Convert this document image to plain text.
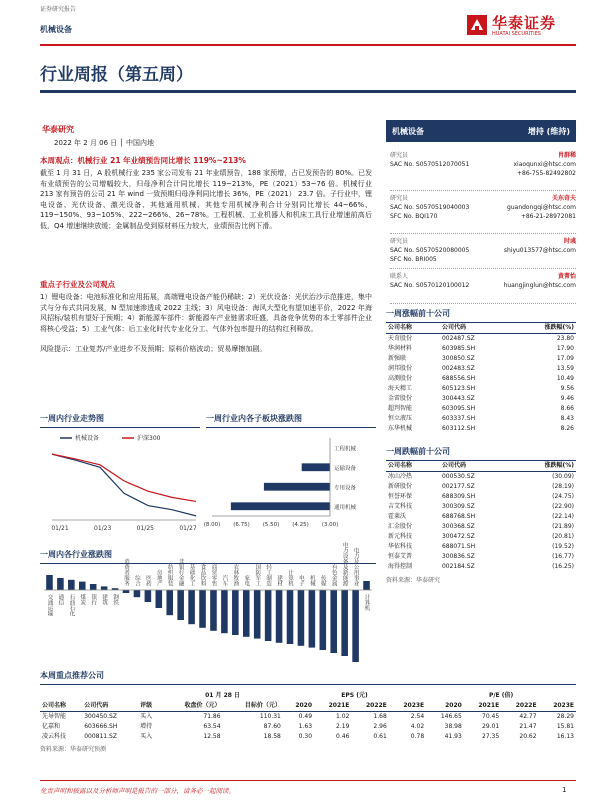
证券研究报告
机械设备	华泰证券
HUATAI SECURITIES
行业周报（第五周）
华泰研究
2022 年 2 月 06 日 │ 中国内地
本周观点：机械行业 21 年业绩预告同比增长 119%~213%
截至 1 月 31 日，A 股机械行业 235 家公司发布 21 年业绩预告，188 家预增，占已发预告的 80%。已发布业绩预告的公司增幅较大，归母净利合计同比增长 119~213%，PE（2021）53~76 倍。机械行业 213 家有预告的公司 21 年 wind 一致预期归母净利同比增长 36%，PE（2021） 23.7 倍。子行业中，锂电设备、光伏设备、激光设备、其他通用机械、其他专用机械净利合计分别同比增长 44~66%、119~150%、93~105%、222~266%、26~78%。工程机械、工业机器人和机床工具行业增速前高后低，Q4 增速继续放缓；金属制品受到原材料压力较大，业绩预告比例下滑。
重点子行业及公司观点
1）锂电设备：电池标准化和应用拓展，高端锂电设备产能仍稀缺；2）光伏设备：光伏治沙示范推进，集中式与分布式共同发展，N 型加速渗透成 2022 主线；3）风电设备：海风大型化有望加速平价，2022 年海风招标/装机有望好于预期；4）新能源车部件：新能源车产业链需求旺盛，具备竞争优势的本土零部件企业将核心受益；5）工业气体：后工业化时代专业化分工、气体外包率提升的结构红利释放。
风险提示：工业复苏/产业进步不及预期；原料价格波动；贸易摩擦加剧。
机械设备	增持 (维持)
研究员	肖群稀
SAC No. S0570512070051	xiaoqunxi@htsc.com
+86-755-82492802
研究员	关东奇夫
SAC No. S0570519040003
SFC No. BQI170
guandongqi@htsc.com
+86-21-28972081
研究员	时彧
SAC No. S0570520080005
SFC No. BRI005
shiyu013577@htsc.com
联系人	黄菁怡
SAC No. S0570120100012	huangjinglun@htsc.com
一周涨幅前十公司
公司名称	公司代码	涨跌幅(%)
天奇股份	002487.SZ	23.80
华润材料	603985.SH	17.90
新强联	300850.SZ	17.09
润邦股份	002483.SZ	13.59
高测股份	688556.SH	10.49
海天精工	605123.SH	9.56
金雷股份	300443.SZ	9.46
超判智能	603095.SH	8.66
恒立液压	603337.SH	8.43
东华机械	603112.SH	8.26
一周跌幅前十公司
公司名称	公司代码	涨跌幅(%)
冰山冷热	000530.SZ	(30.09)
新研股份	002177.SZ	(28.19)
恒誉环保	688309.SH	(24.75)
吉艾科技	300309.SZ	(22.90)
霍莱沃	688768.SH	(22.14)
汇金股份	300368.SZ	(21.89)
新元科技	300472.SZ	(20.81)
华依科技	688071.SH	(19.52)
恒泰艾普	300836.SZ	(16.77)
海得控制	002184.SZ	(16.25)
资料来源：华泰研究
一周内行业走势图
01/21	01/23	01/25	01/27
机械设备	沪深300
一周行业内各子板块涨跌图
工程机械
运输设备
专用设备
通用机械
(8.00) (6.75) (5.50) (4.25) (3.00)
一周内各行业涨跌图
交通运输 通信 石油石化 煤炭 银行 建筑 钢铁
消费者服务 综合 医药 房地产 纺织服装 非银行金融 基础化工 食品饮料 商贸零售 汽车 农林牧渔 家电 国防军工 轻工制造 建材 计算机 电子 机械 传媒 有色金属 电力设备及新能源 电力及公用事业
计算机
本周重点推荐公司
			01 月 28 日		EPS (元)				P/E (倍)			
公司名称	公司代码	评级	收盘价（元）	目标价（元）	2020	2021E	2022E	2023E	2020	2021E	2022E	2023E
先导智能	300450.SZ	买入	71.86	110.31	0.49	1.02	1.68	2.54	146.65	70.45	42.77	28.29
亿嘉和	603666.SH	增持	63.54	87.60	1.63	2.19	2.96	4.02	38.98	29.01	21.47	15.81
凌云科技	000811.SZ	买入	12.58	18.58	0.30	0.46	0.61	0.78	41.93	27.35	20.62	16.13
资料来源：华泰研究预测
免责声明和披露以及分析师声明是报告的一部分，请务必一起阅读。	1
